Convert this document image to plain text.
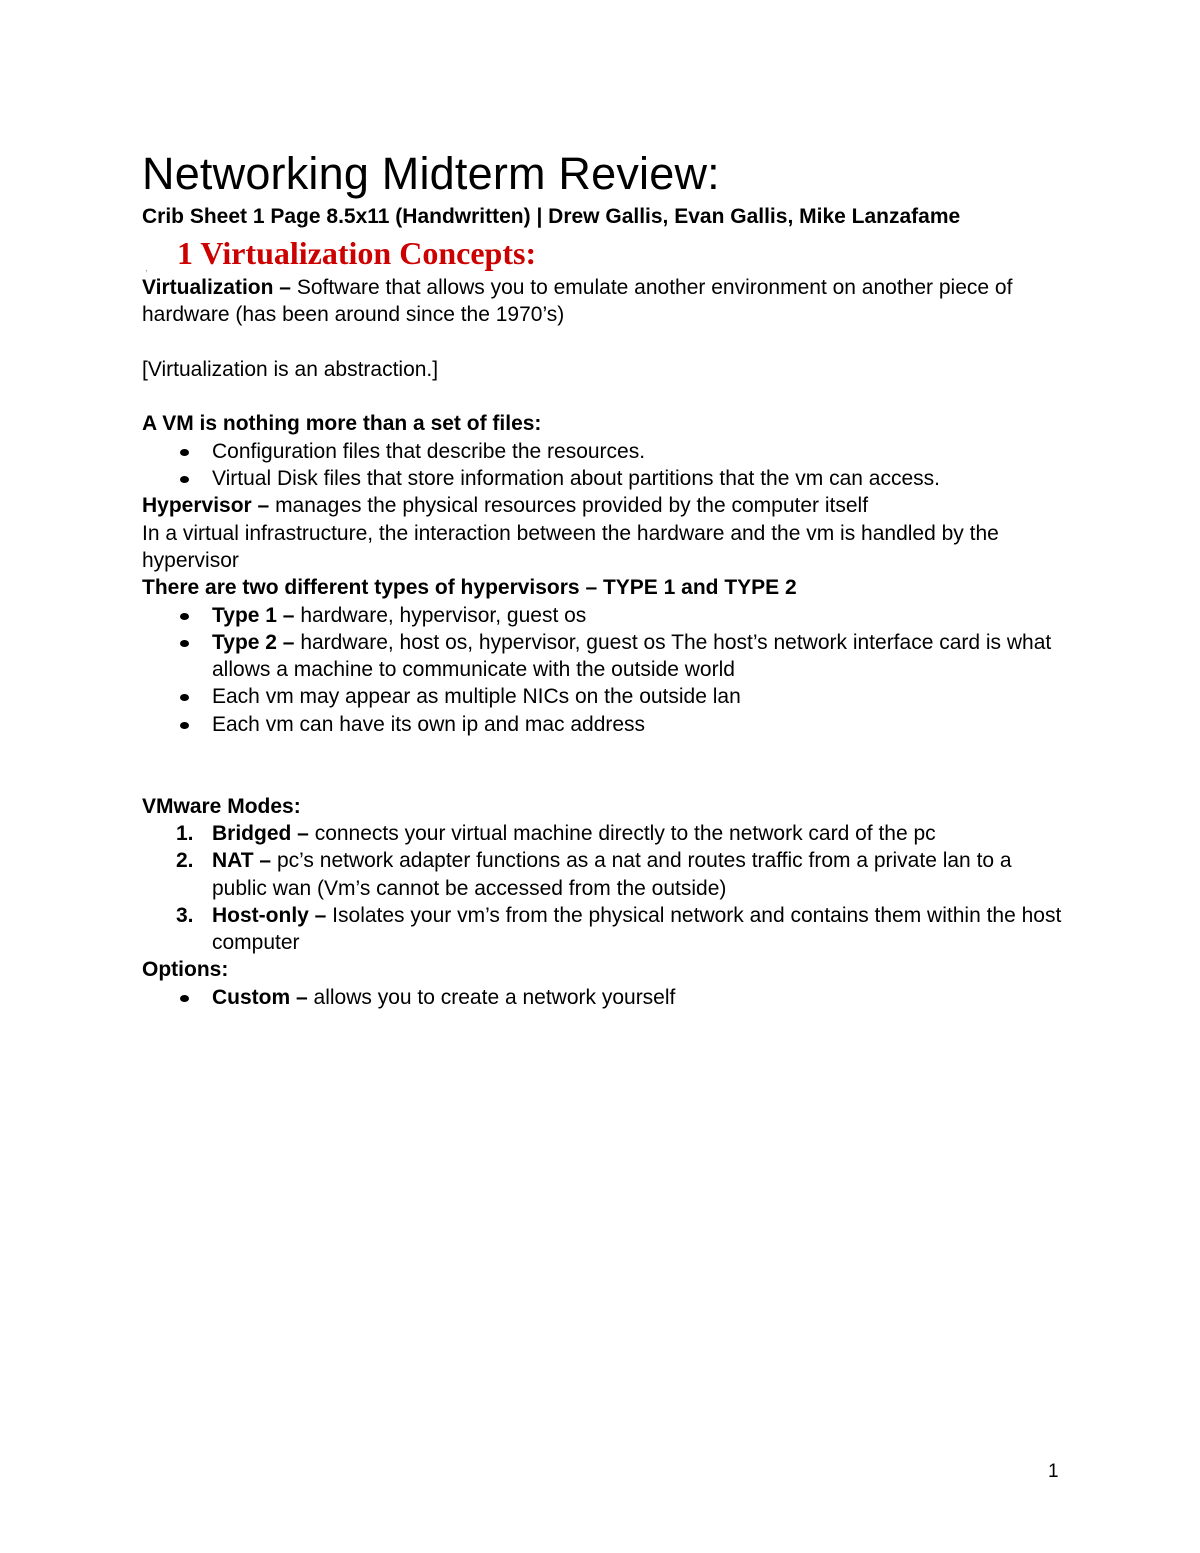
Networking Midterm Review:
Crib Sheet 1 Page 8.5x11 (Handwritten) | Drew Gallis, Evan Gallis, Mike Lanzafame
, 1 Virtualization Concepts:

Virtualization – Software that allows you to emulate another environment on another piece of hardware (has been around since the 1970’s)

[Virtualization is an abstraction.]

A VM is nothing more than a set of files:

Configuration files that describe the resources.
Virtual Disk files that store information about partitions that the vm can access.

Hypervisor – manages the physical resources provided by the computer itself

In a virtual infrastructure, the interaction between the hardware and the vm is handled by the hypervisor

There are two different types of hypervisors – TYPE 1 and TYPE 2

Type 1 – hardware, hypervisor, guest os
Type 2 – hardware, host os, hypervisor, guest os The host’s network interface card is what allows a machine to communicate with the outside world
Each vm may appear as multiple NICs on the outside lan
Each vm can have its own ip and mac address

VMware Modes:

1. Bridged – connects your virtual machine directly to the network card of the pc
2. NAT – pc’s network adapter functions as a nat and routes traffic from a private lan to a public wan (Vm’s cannot be accessed from the outside)
3. Host-only – Isolates your vm’s from the physical network and contains them within the host computer

Options:

Custom – allows you to create a network yourself
1
